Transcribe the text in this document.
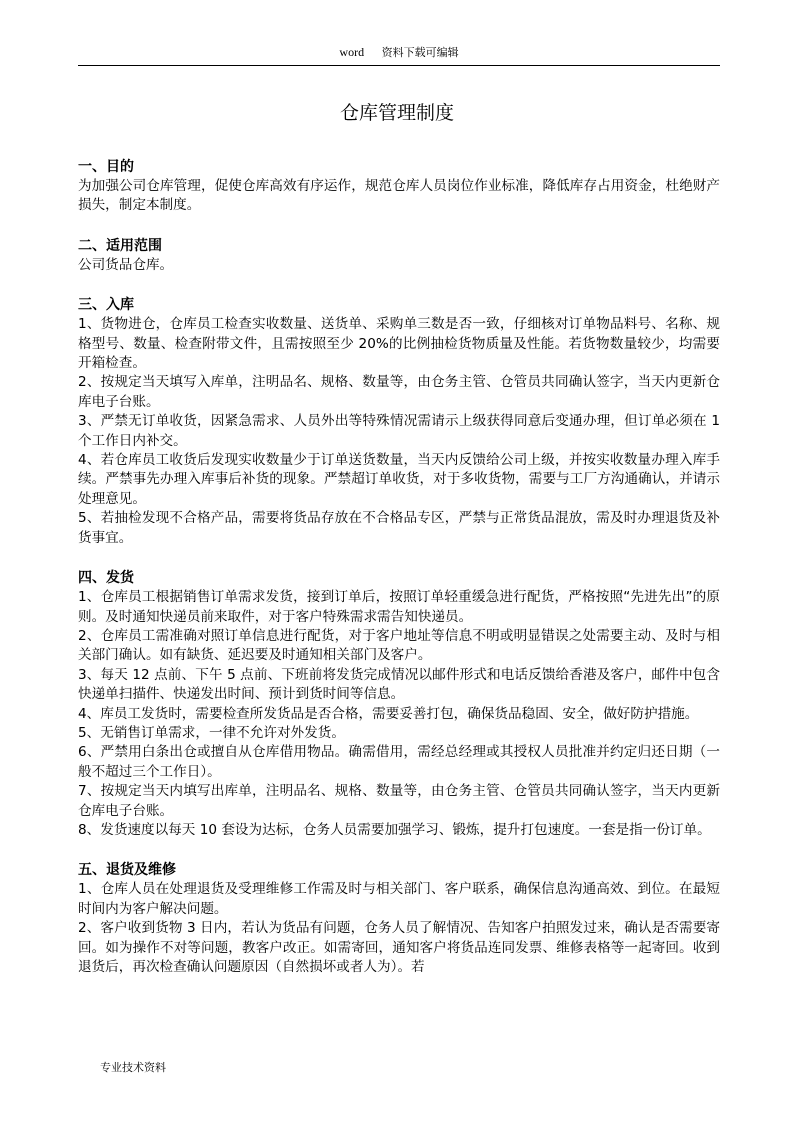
word 资料下载可编辑
仓库管理制度

一、目的

为加强公司仓库管理，促使仓库高效有序运作，规范仓库人员岗位作业标准，降低库存占用资金，杜绝财产损失，制定本制度。

二、适用范围

公司货品仓库。

三、入库

1、货物进仓，仓库员工检查实收数量、送货单、采购单三数是否一致，仔细核对订单物品料号、名称、规格型号、数量、检查附带文件，且需按照至少 20%的比例抽检货物质量及性能。若货物数量较少，均需要开箱检查。

2、按规定当天填写入库单，注明品名、规格、数量等，由仓务主管、仓管员共同确认签字，当天内更新仓库电子台账。

3、严禁无订单收货，因紧急需求、人员外出等特殊情况需请示上级获得同意后变通办理，但订单必须在 1 个工作日内补交。

4、若仓库员工收货后发现实收数量少于订单送货数量，当天内反馈给公司上级，并按实收数量办理入库手续。严禁事先办理入库事后补货的现象。严禁超订单收货，对于多收货物，需要与工厂方沟通确认，并请示处理意见。

5、若抽检发现不合格产品，需要将货品存放在不合格品专区，严禁与正常货品混放，需及时办理退货及补货事宜。

四、发货

1、仓库员工根据销售订单需求发货，接到订单后，按照订单轻重缓急进行配货，严格按照“先进先出”的原则。及时通知快递员前来取件，对于客户特殊需求需告知快递员。

2、仓库员工需准确对照订单信息进行配货，对于客户地址等信息不明或明显错误之处需要主动、及时与相关部门确认。如有缺货、延迟要及时通知相关部门及客户。

3、每天 12 点前、下午 5 点前、下班前将发货完成情况以邮件形式和电话反馈给香港及客户，邮件中包含快递单扫描件、快递发出时间、预计到货时间等信息。

4、库员工发货时，需要检查所发货品是否合格，需要妥善打包，确保货品稳固、安全，做好防护措施。

5、无销售订单需求，一律不允许对外发货。

6、严禁用白条出仓或擅自从仓库借用物品。确需借用，需经总经理或其授权人员批准并约定归还日期（一般不超过三个工作日）。

7、按规定当天内填写出库单，注明品名、规格、数量等，由仓务主管、仓管员共同确认签字，当天内更新仓库电子台账。

8、发货速度以每天 10 套设为达标，仓务人员需要加强学习、锻炼，提升打包速度。一套是指一份订单。

五、退货及维修

1、仓库人员在处理退货及受理维修工作需及时与相关部门、客户联系，确保信息沟通高效、到位。在最短时间内为客户解决问题。

2、客户收到货物 3 日内，若认为货品有问题，仓务人员了解情况、告知客户拍照发过来，确认是否需要寄回。如为操作不对等问题，教客户改正。如需寄回，通知客户将货品连同发票、维修表格等一起寄回。收到退货后，再次检查确认问题原因（自然损坏或者人为）。若

专业技术资料
